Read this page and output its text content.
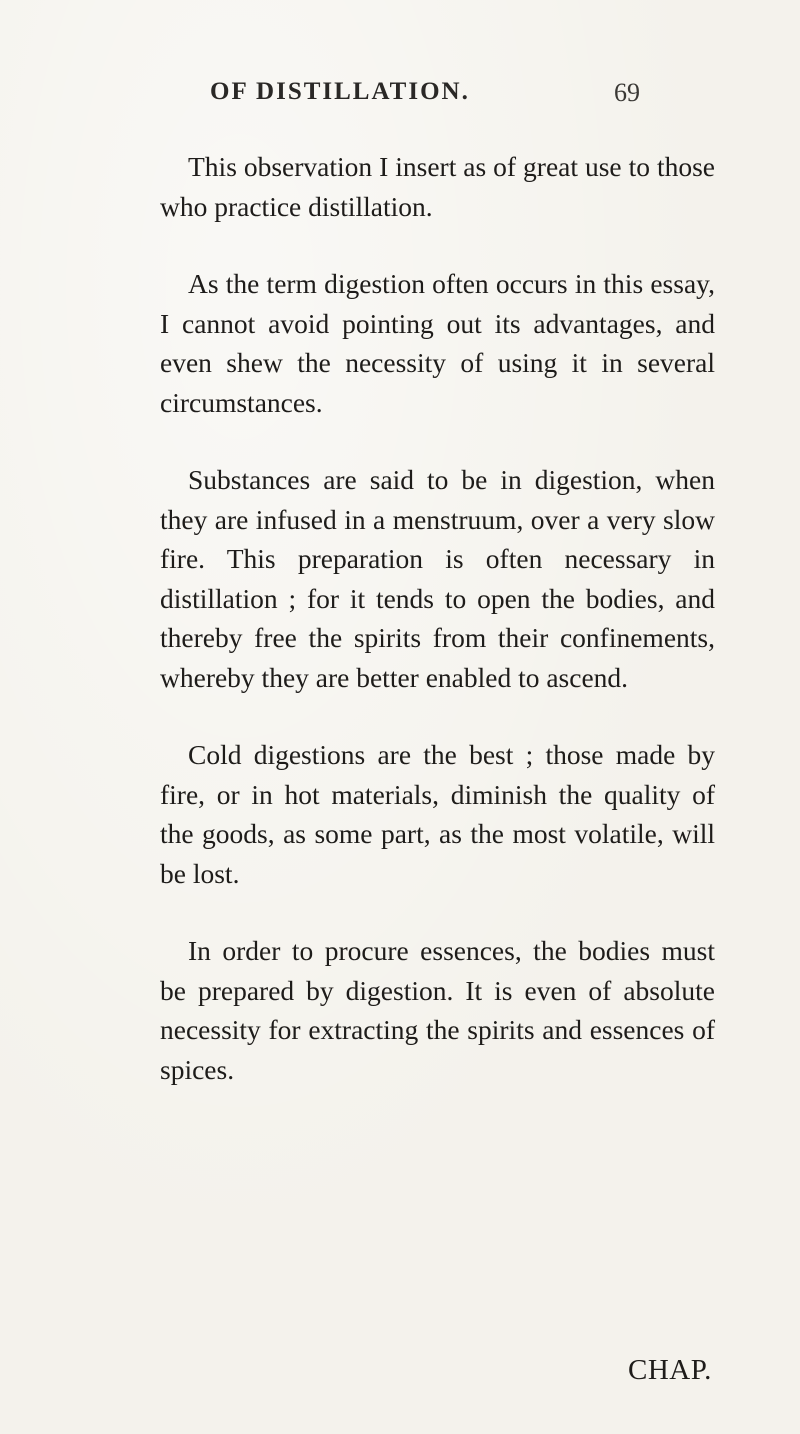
OF DISTILLATION.	69

This observation I insert as of great use to those who practice distillation.

As the term digestion often occurs in this essay, I cannot avoid pointing out its advantages, and even shew the necessity of using it in several circumstances.

Substances are said to be in digestion, when they are infused in a menstruum, over a very slow fire. This preparation is often necessary in distillation ; for it tends to open the bodies, and thereby free the spirits from their confinements, whereby they are better enabled to ascend.

Cold digestions are the best ; those made by fire, or in hot materials, diminish the quality of the goods, as some part, as the most volatile, will be lost.

In order to procure essences, the bodies must be prepared by digestion. It is even of absolute necessity for extracting the spirits and essences of spices.

CHAP.
